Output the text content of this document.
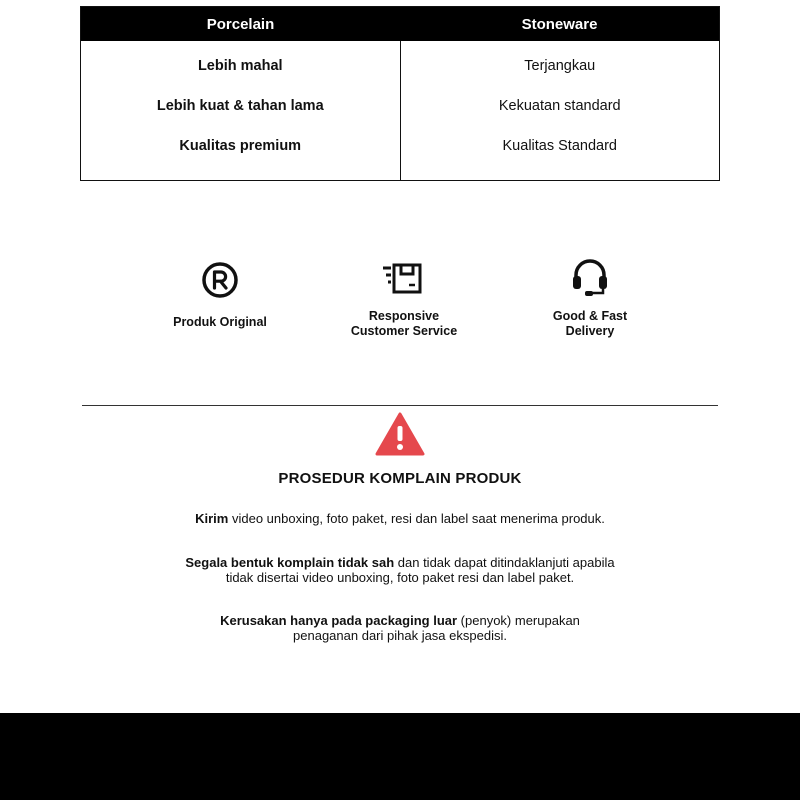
Porcelain	Stoneware
Lebih mahal
Lebih kuat & tahan lama
Kualitas premium
Terjangkau
Kekuatan standard
Kualitas Standard
Produk Original	Responsive
Customer Service
Good & Fast
Delivery
PROSEDUR KOMPLAIN PRODUK
Kirim video unboxing, foto paket, resi dan label saat menerima produk.
Segala bentuk komplain tidak sah dan tidak dapat ditindaklanjuti apabila
tidak disertai video unboxing, foto paket resi dan label paket.
Kerusakan hanya pada packaging luar (penyok) merupakan
penaganan dari pihak jasa ekspedisi.
